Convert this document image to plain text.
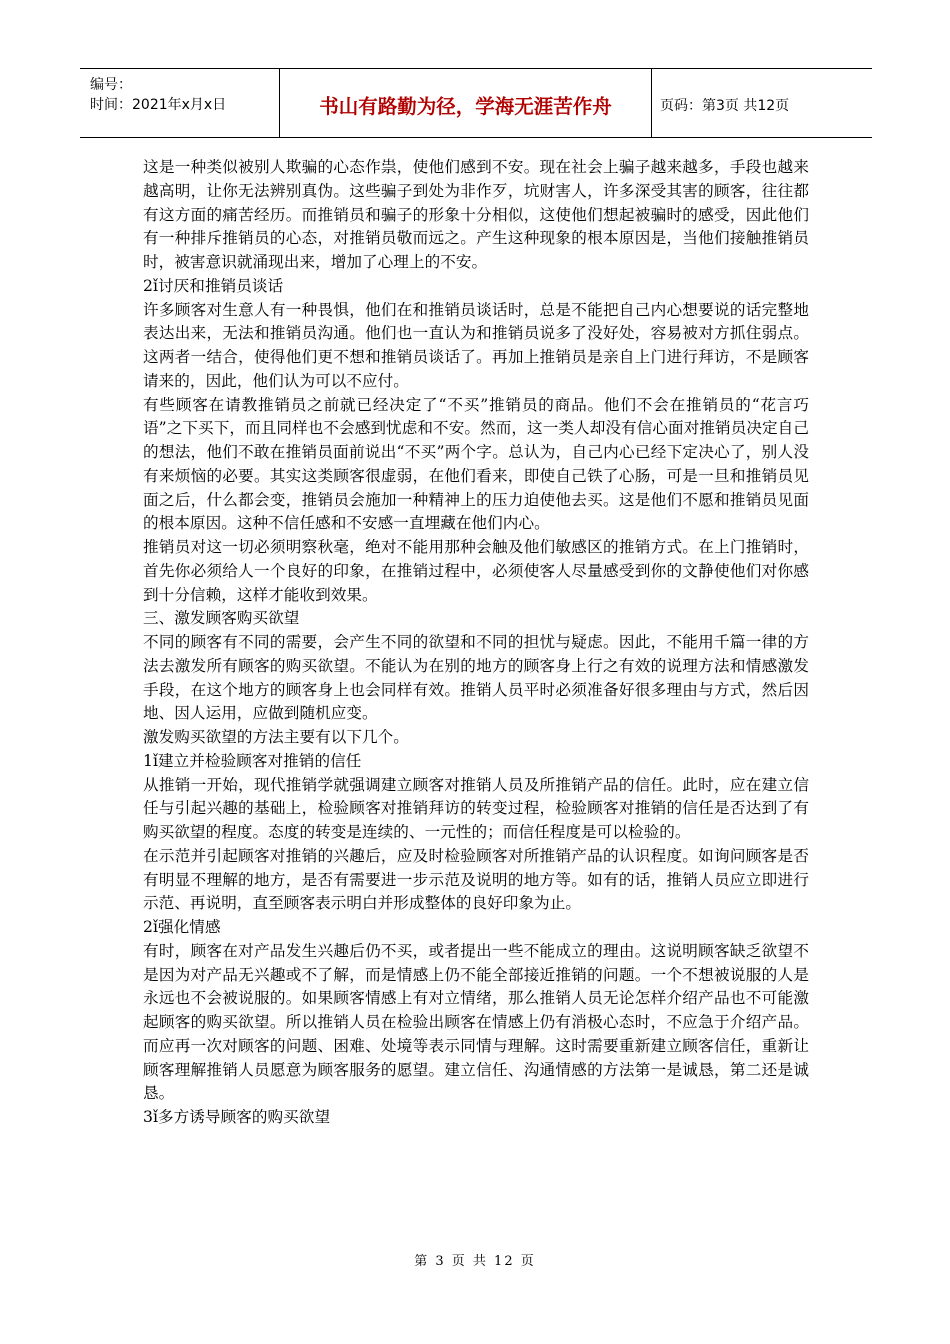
编号：
时间：2021年x月x日	书山有路勤为径，学海无涯苦作舟	页码：第3页 共12页

这是一种类似被别人欺骗的心态作祟，使他们感到不安。现在社会上骗子越来越多，手段也越来越高明，让你无法辨别真伪。这些骗子到处为非作歹，坑财害人，许多深受其害的顾客，往往都有这方面的痛苦经历。而推销员和骗子的形象十分相似，这使他们想起被骗时的感受，因此他们有一种排斥推销员的心态，对推销员敬而远之。产生这种现象的根本原因是，当他们接触推销员时，被害意识就涌现出来，增加了心理上的不安。

2ǐ讨厌和推销员谈话

许多顾客对生意人有一种畏惧，他们在和推销员谈话时，总是不能把自己内心想要说的话完整地表达出来，无法和推销员沟通。他们也一直认为和推销员说多了没好处，容易被对方抓住弱点。这两者一结合，使得他们更不想和推销员谈话了。再加上推销员是亲自上门进行拜访，不是顾客请来的，因此，他们认为可以不应付。

有些顾客在请教推销员之前就已经决定了“不买”推销员的商品。他们不会在推销员的“花言巧语”之下买下，而且同样也不会感到忧虑和不安。然而，这一类人却没有信心面对推销员决定自己的想法，他们不敢在推销员面前说出“不买”两个字。总认为，自己内心已经下定决心了，别人没有来烦恼的必要。其实这类顾客很虚弱，在他们看来，即使自己铁了心肠，可是一旦和推销员见面之后，什么都会变，推销员会施加一种精神上的压力迫使他去买。这是他们不愿和推销员见面的根本原因。这种不信任感和不安感一直埋藏在他们内心。

推销员对这一切必须明察秋毫，绝对不能用那种会触及他们敏感区的推销方式。在上门推销时，首先你必须给人一个良好的印象，在推销过程中，必须使客人尽量感受到你的文静使他们对你感到十分信赖，这样才能收到效果。

三、激发顾客购买欲望

不同的顾客有不同的需要，会产生不同的欲望和不同的担忧与疑虑。因此，不能用千篇一律的方法去激发所有顾客的购买欲望。不能认为在别的地方的顾客身上行之有效的说理方法和情感激发手段，在这个地方的顾客身上也会同样有效。推销人员平时必须准备好很多理由与方式，然后因地、因人运用，应做到随机应变。

激发购买欲望的方法主要有以下几个。

1ǐ建立并检验顾客对推销的信任

从推销一开始，现代推销学就强调建立顾客对推销人员及所推销产品的信任。此时，应在建立信任与引起兴趣的基础上，检验顾客对推销拜访的转变过程，检验顾客对推销的信任是否达到了有购买欲望的程度。态度的转变是连续的、一元性的；而信任程度是可以检验的。

在示范并引起顾客对推销的兴趣后，应及时检验顾客对所推销产品的认识程度。如询问顾客是否有明显不理解的地方，是否有需要进一步示范及说明的地方等。如有的话，推销人员应立即进行示范、再说明，直至顾客表示明白并形成整体的良好印象为止。

2ǐ强化情感

有时，顾客在对产品发生兴趣后仍不买，或者提出一些不能成立的理由。这说明顾客缺乏欲望不是因为对产品无兴趣或不了解，而是情感上仍不能全部接近推销的问题。一个不想被说服的人是永远也不会被说服的。如果顾客情感上有对立情绪，那么推销人员无论怎样介绍产品也不可能激起顾客的购买欲望。所以推销人员在检验出顾客在情感上仍有消极心态时，不应急于介绍产品。而应再一次对顾客的问题、困难、处境等表示同情与理解。这时需要重新建立顾客信任，重新让顾客理解推销人员愿意为顾客服务的愿望。建立信任、沟通情感的方法第一是诚恳，第二还是诚恳。

3ǐ多方诱导顾客的购买欲望

第 3 页 共 12 页
